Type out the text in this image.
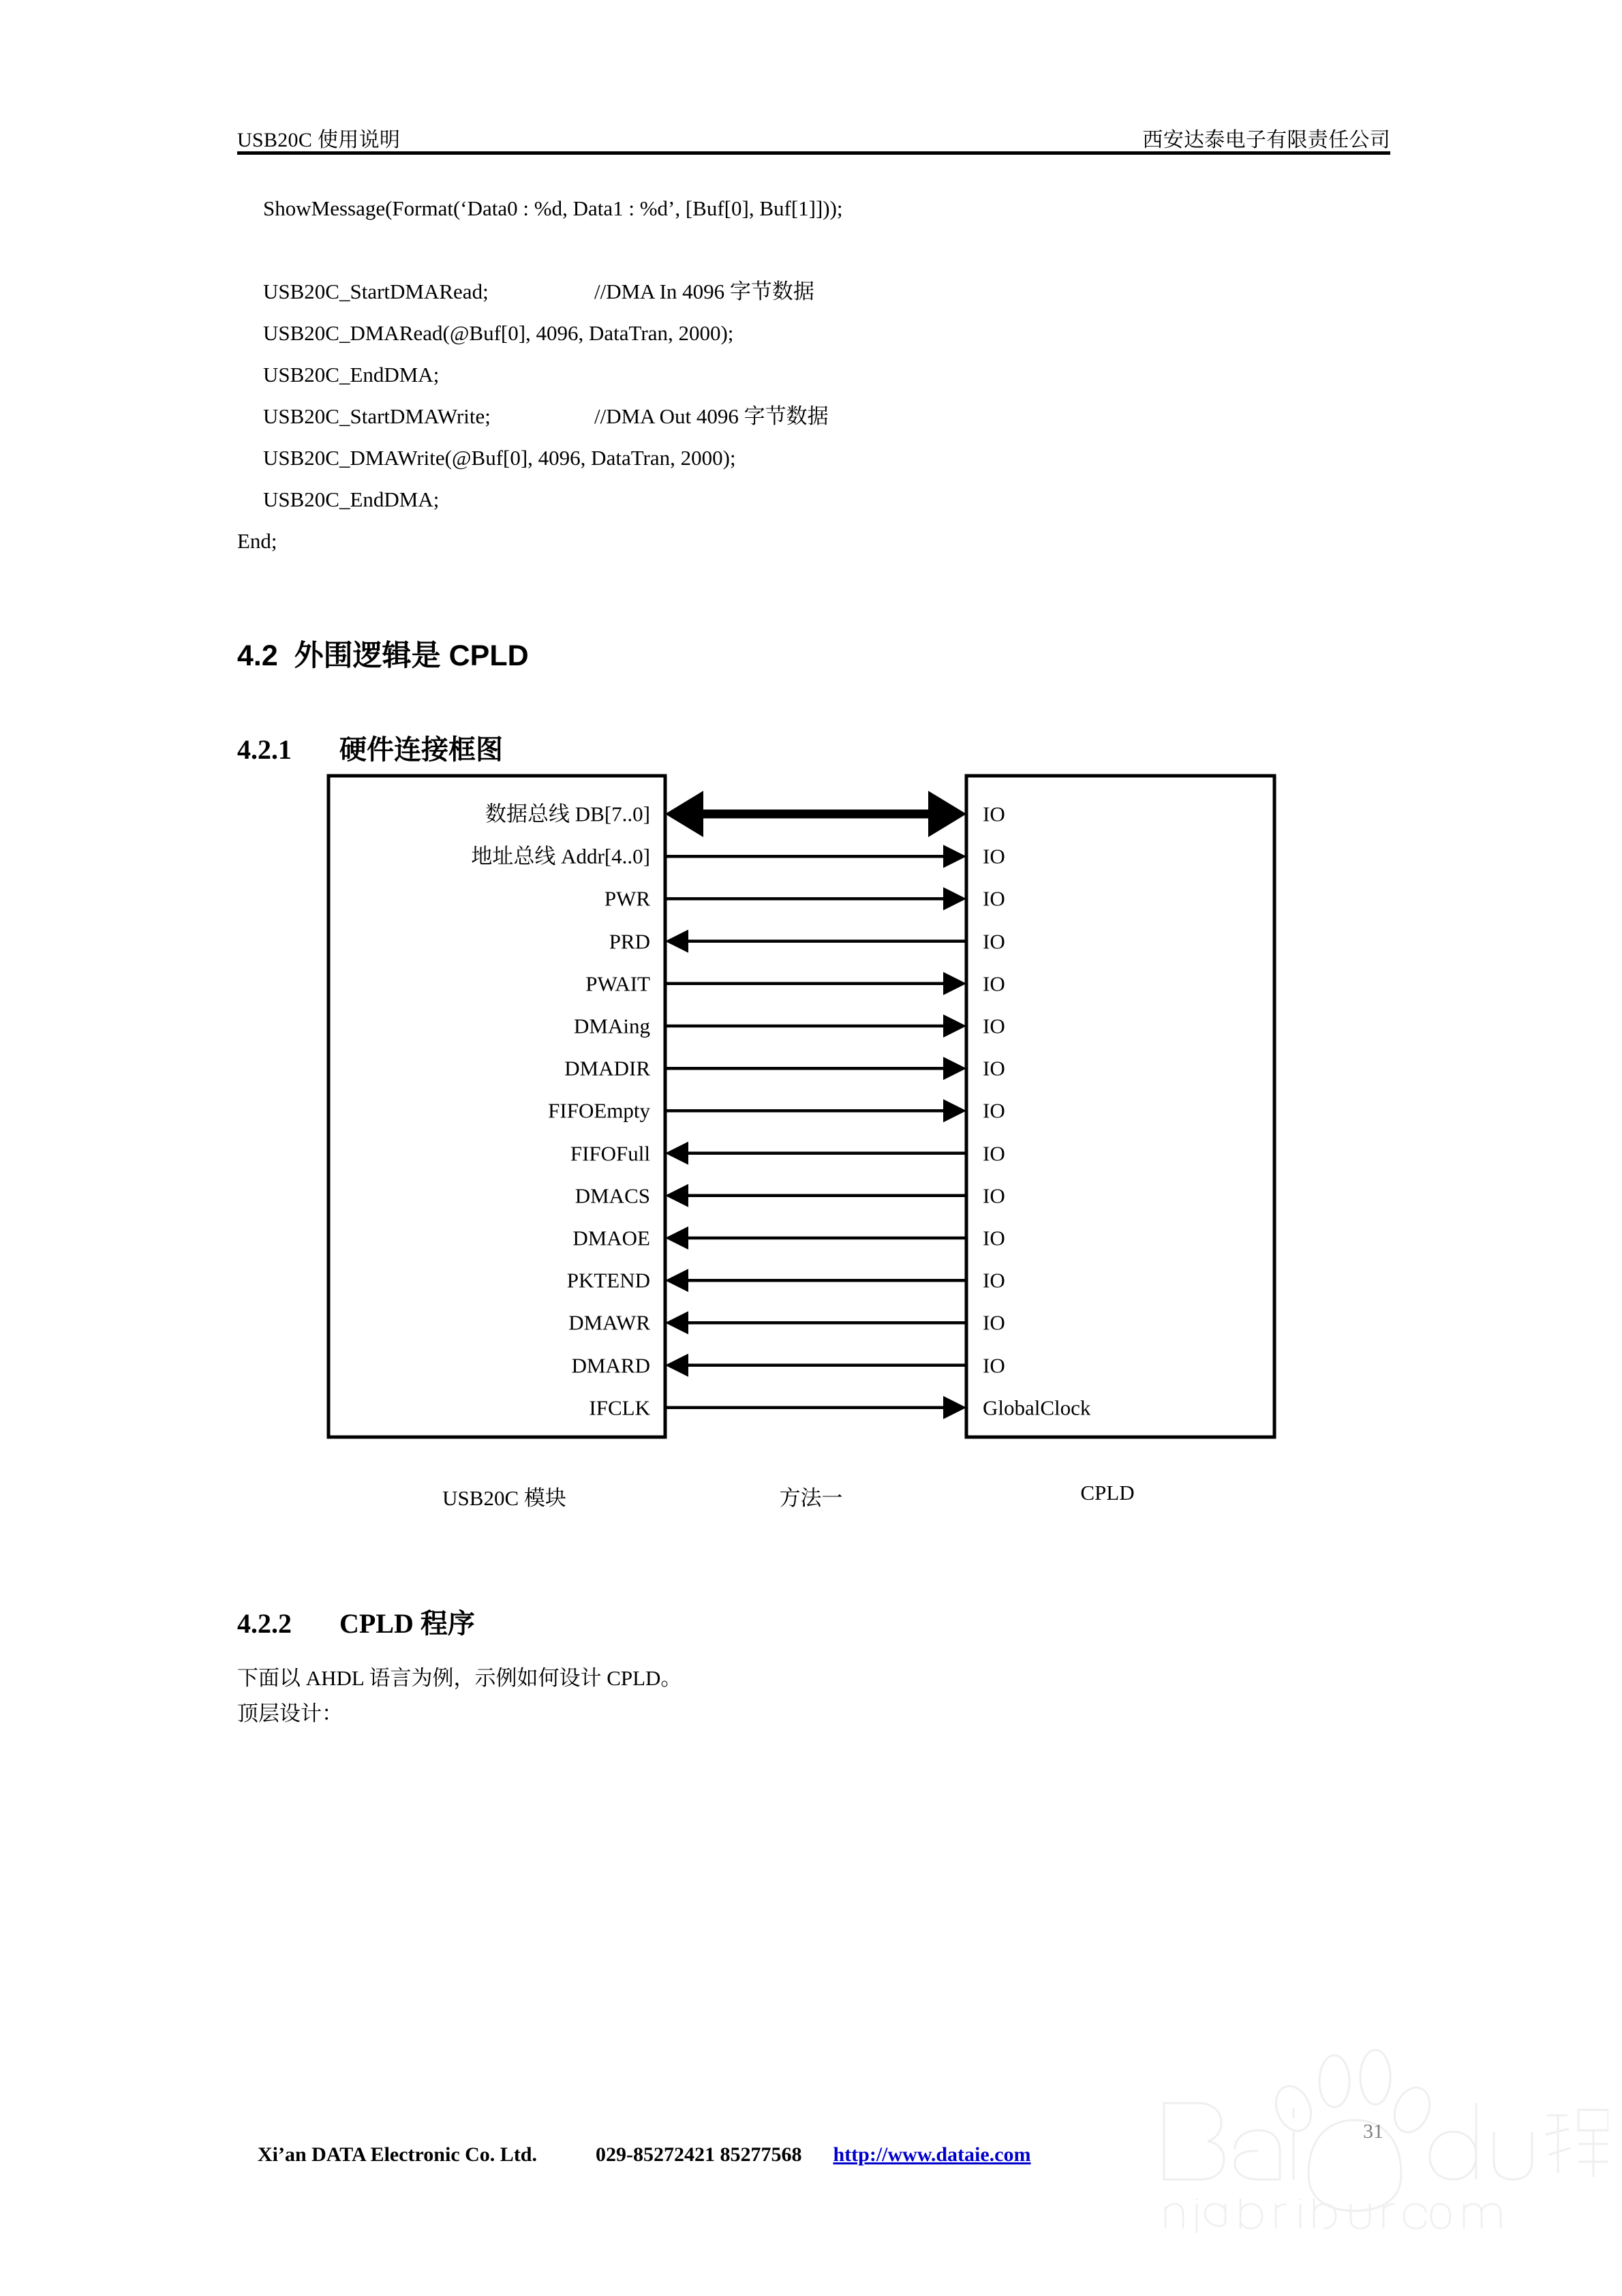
USB20C 使用说明	西安达泰电子有限责任公司
ShowMessage(Format(‘Data0 : %d, Data1 : %d’, [Buf[0], Buf[1]]));
USB20C_StartDMARead;	//DMA In 4096 字节数据
USB20C_DMARead(@Buf[0], 4096, DataTran, 2000);
USB20C_EndDMA;
USB20C_StartDMAWrite;	//DMA Out 4096 字节数据
USB20C_DMAWrite(@Buf[0], 4096, DataTran, 2000);
USB20C_EndDMA;
End;
4.2  外围逻辑是 CPLD
4.2.1       硬件连接框图
4.2.2       CPLD 程序
数据总线 DB[7..0]	IO
地址总线 Addr[4..0]	IO
PWR	IO
PRD	IO
PWAIT	IO
DMAing	IO
DMADIR	IO
FIFOEmpty	IO
FIFOFull	IO
DMACS	IO
DMAOE	IO
PKTEND	IO
DMAWR	IO
DMARD	IO
IFCLK	GlobalClock
USB20C 模块	方法一	CPLD
下面以 AHDL 语言为例，示例如何设计 CPLD。
顶层设计：

Xi’an DATA Electronic Co. Ltd.	029-85272421 85277568 http://www.dataie.com

31
